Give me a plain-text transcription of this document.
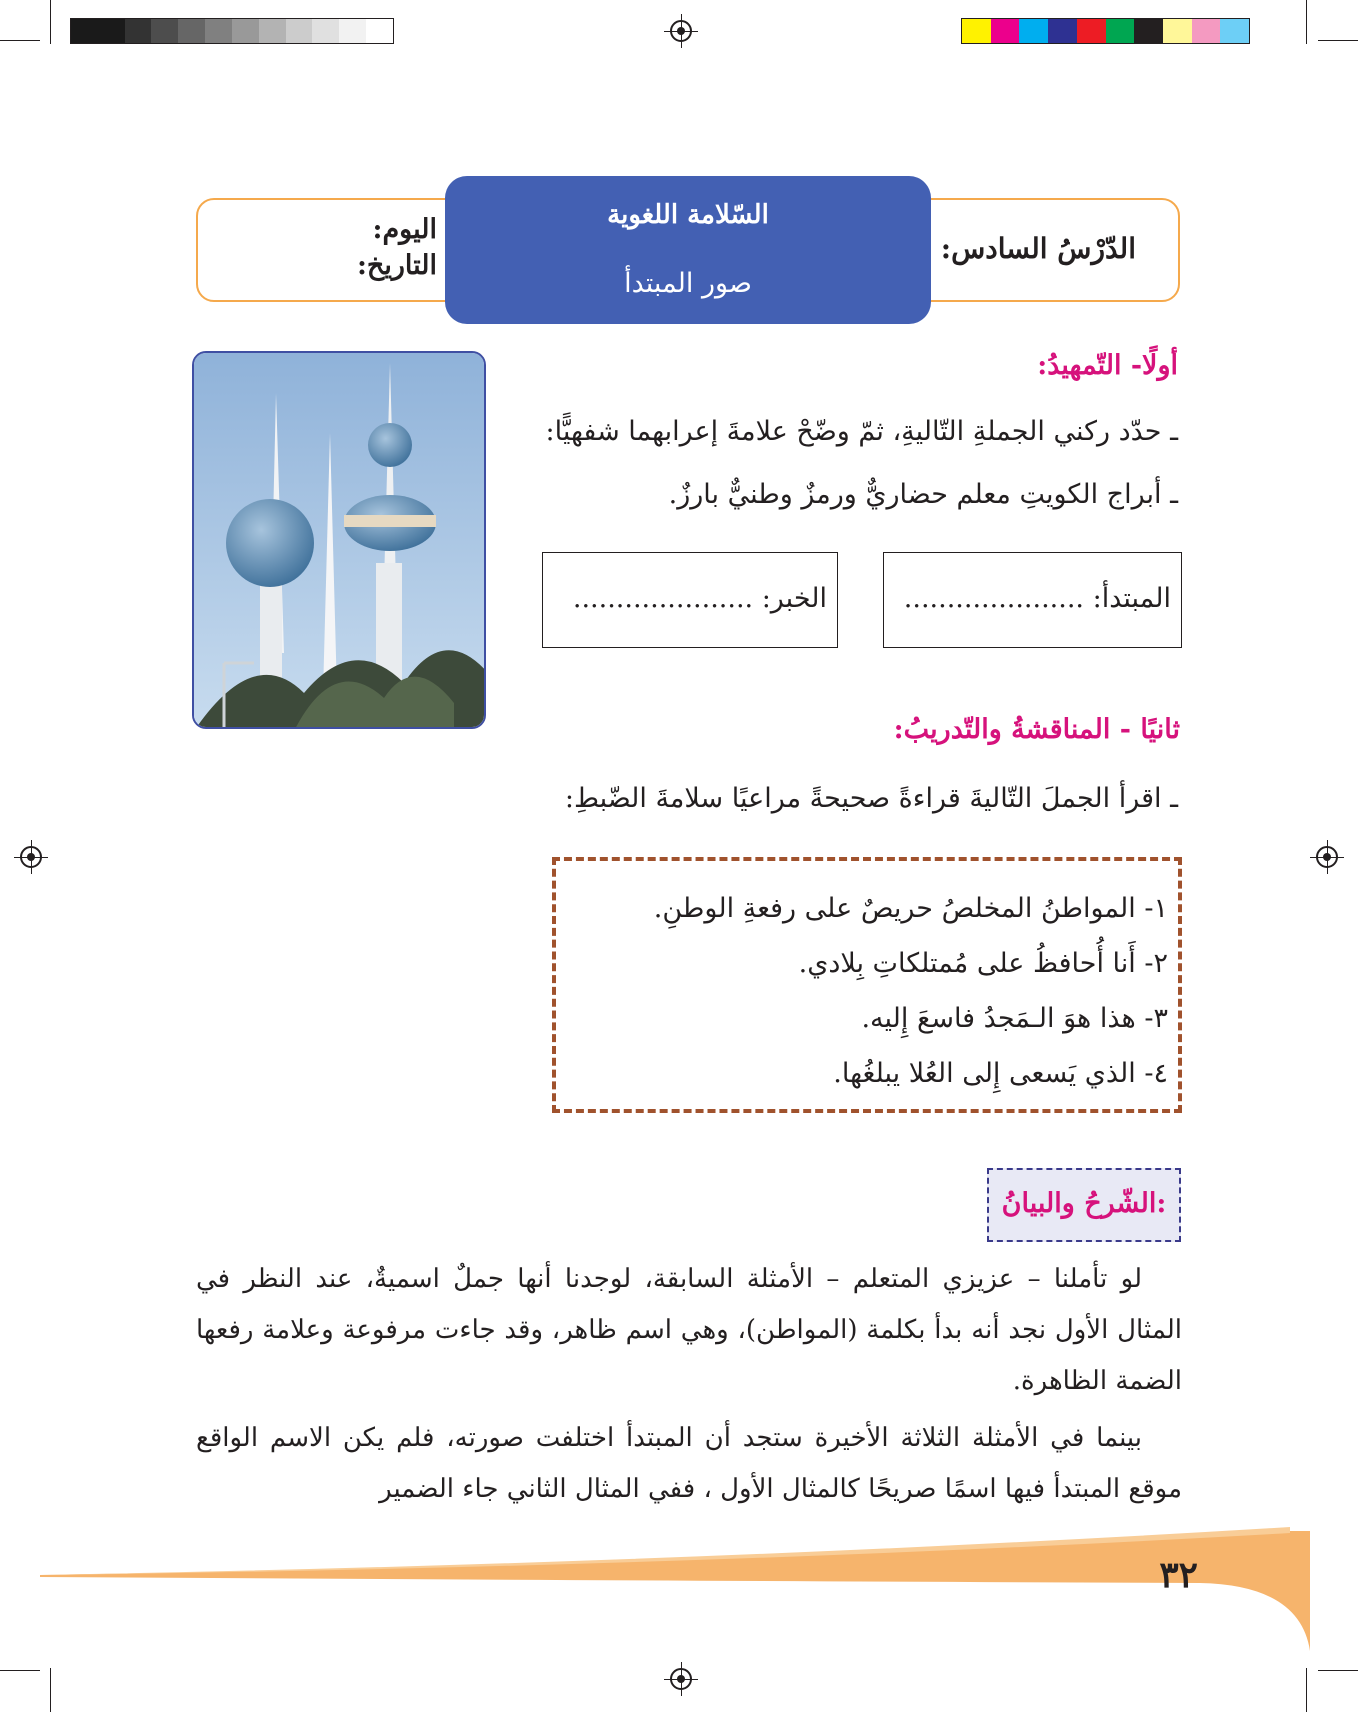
السّلامة اللغوية
صور المبتدأ
الدّرْسُ السادس:
اليوم:
التاريخ:
أولًا- التّمهيدُ:
ـ حدّد ركني الجملةِ التّاليةِ، ثمّ وضّحْ علامةَ إعرابهما شفهيًّا:
ـ أبراج الكويتِ معلم حضاريٌّ ورمزٌ وطنيٌّ بارزٌ.
المبتدأ: .....................
الخبر: .....................
ثانيًا - المناقشةُ والتّدريبُ:
ـ اقرأ الجملَ التّاليةَ قراءةً صحيحةً مراعيًا سلامةَ الضّبطِ:
١- المواطنُ المخلصُ حريصٌ على رفعةِ الوطنِ.
٢- أَنا أُحافظُ على مُمتلكاتِ بِلادي.
٣- هذا هوَ الـمَجدُ فاسعَ إِليه.
٤- الذي يَسعى إِلى العُلا يبلغُها.
الشّرحُ والبيانُ:

لو تأملنا – عزيزي المتعلم – الأمثلة السابقة، لوجدنا أنها جملٌ اسميةٌ، عند النظر في المثال الأول نجد أنه بدأ بكلمة (المواطن)، وهي اسم ظاهر، وقد جاءت مرفوعة وعلامة رفعها الضمة الظاهرة.

بينما في الأمثلة الثلاثة الأخيرة ستجد أن المبتدأ اختلفت صورته، فلم يكن الاسم الواقع موقع المبتدأ فيها اسمًا صريحًا كالمثال الأول ، ففي المثال الثاني جاء الضمير

٣٢
